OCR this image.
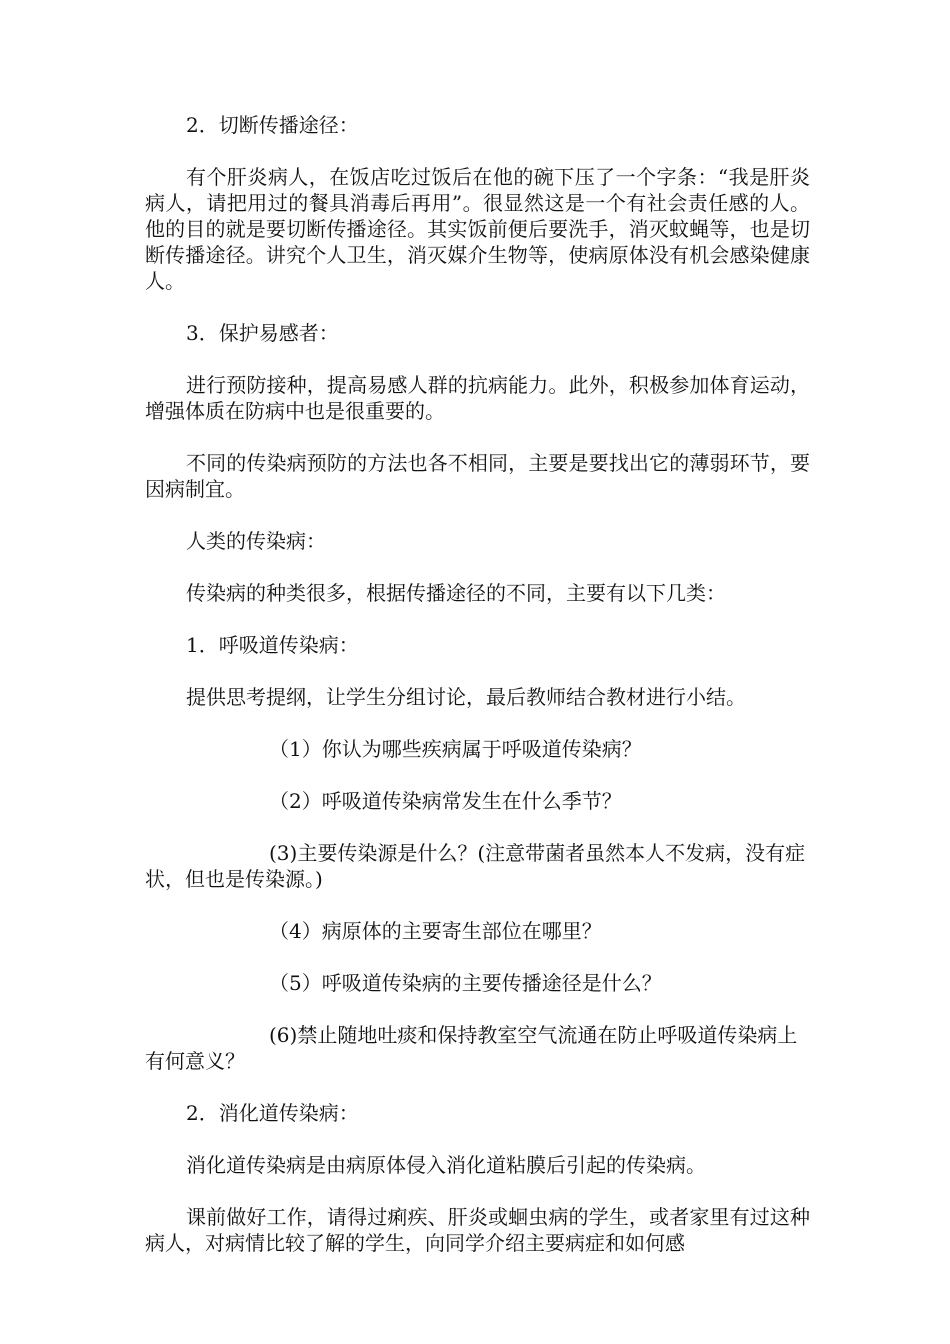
2．切断传播途径：
有个肝炎病人，在饭店吃过饭后在他的碗下压了一个字条：“我是肝炎病人，请把用过的餐具消毒后再用”。很显然这是一个有社会责任感的人。他的目的就是要切断传播途径。其实饭前便后要洗手，消灭蚊蝇等，也是切断传播途径。讲究个人卫生，消灭媒介生物等，使病原体没有机会感染健康人。
3．保护易感者：
进行预防接种，提高易感人群的抗病能力。此外，积极参加体育运动，增强体质在防病中也是很重要的。
不同的传染病预防的方法也各不相同，主要是要找出它的薄弱环节，要因病制宜。
人类的传染病：
传染病的种类很多，根据传播途径的不同，主要有以下几类：
1．呼吸道传染病：
提供思考提纲，让学生分组讨论，最后教师结合教材进行小结。
（1）你认为哪些疾病属于呼吸道传染病？
（2）呼吸道传染病常发生在什么季节？
(3)主要传染源是什么？(注意带菌者虽然本人不发病，没有症状，但也是传染源。)
（4）病原体的主要寄生部位在哪里？
（5）呼吸道传染病的主要传播途径是什么？
(6)禁止随地吐痰和保持教室空气流通在防止呼吸道传染病上有何意义？
2．消化道传染病：
消化道传染病是由病原体侵入消化道粘膜后引起的传染病。
课前做好工作，请得过痢疾、肝炎或蛔虫病的学生，或者家里有过这种病人，对病情比较了解的学生，向同学介绍主要病症和如何感
